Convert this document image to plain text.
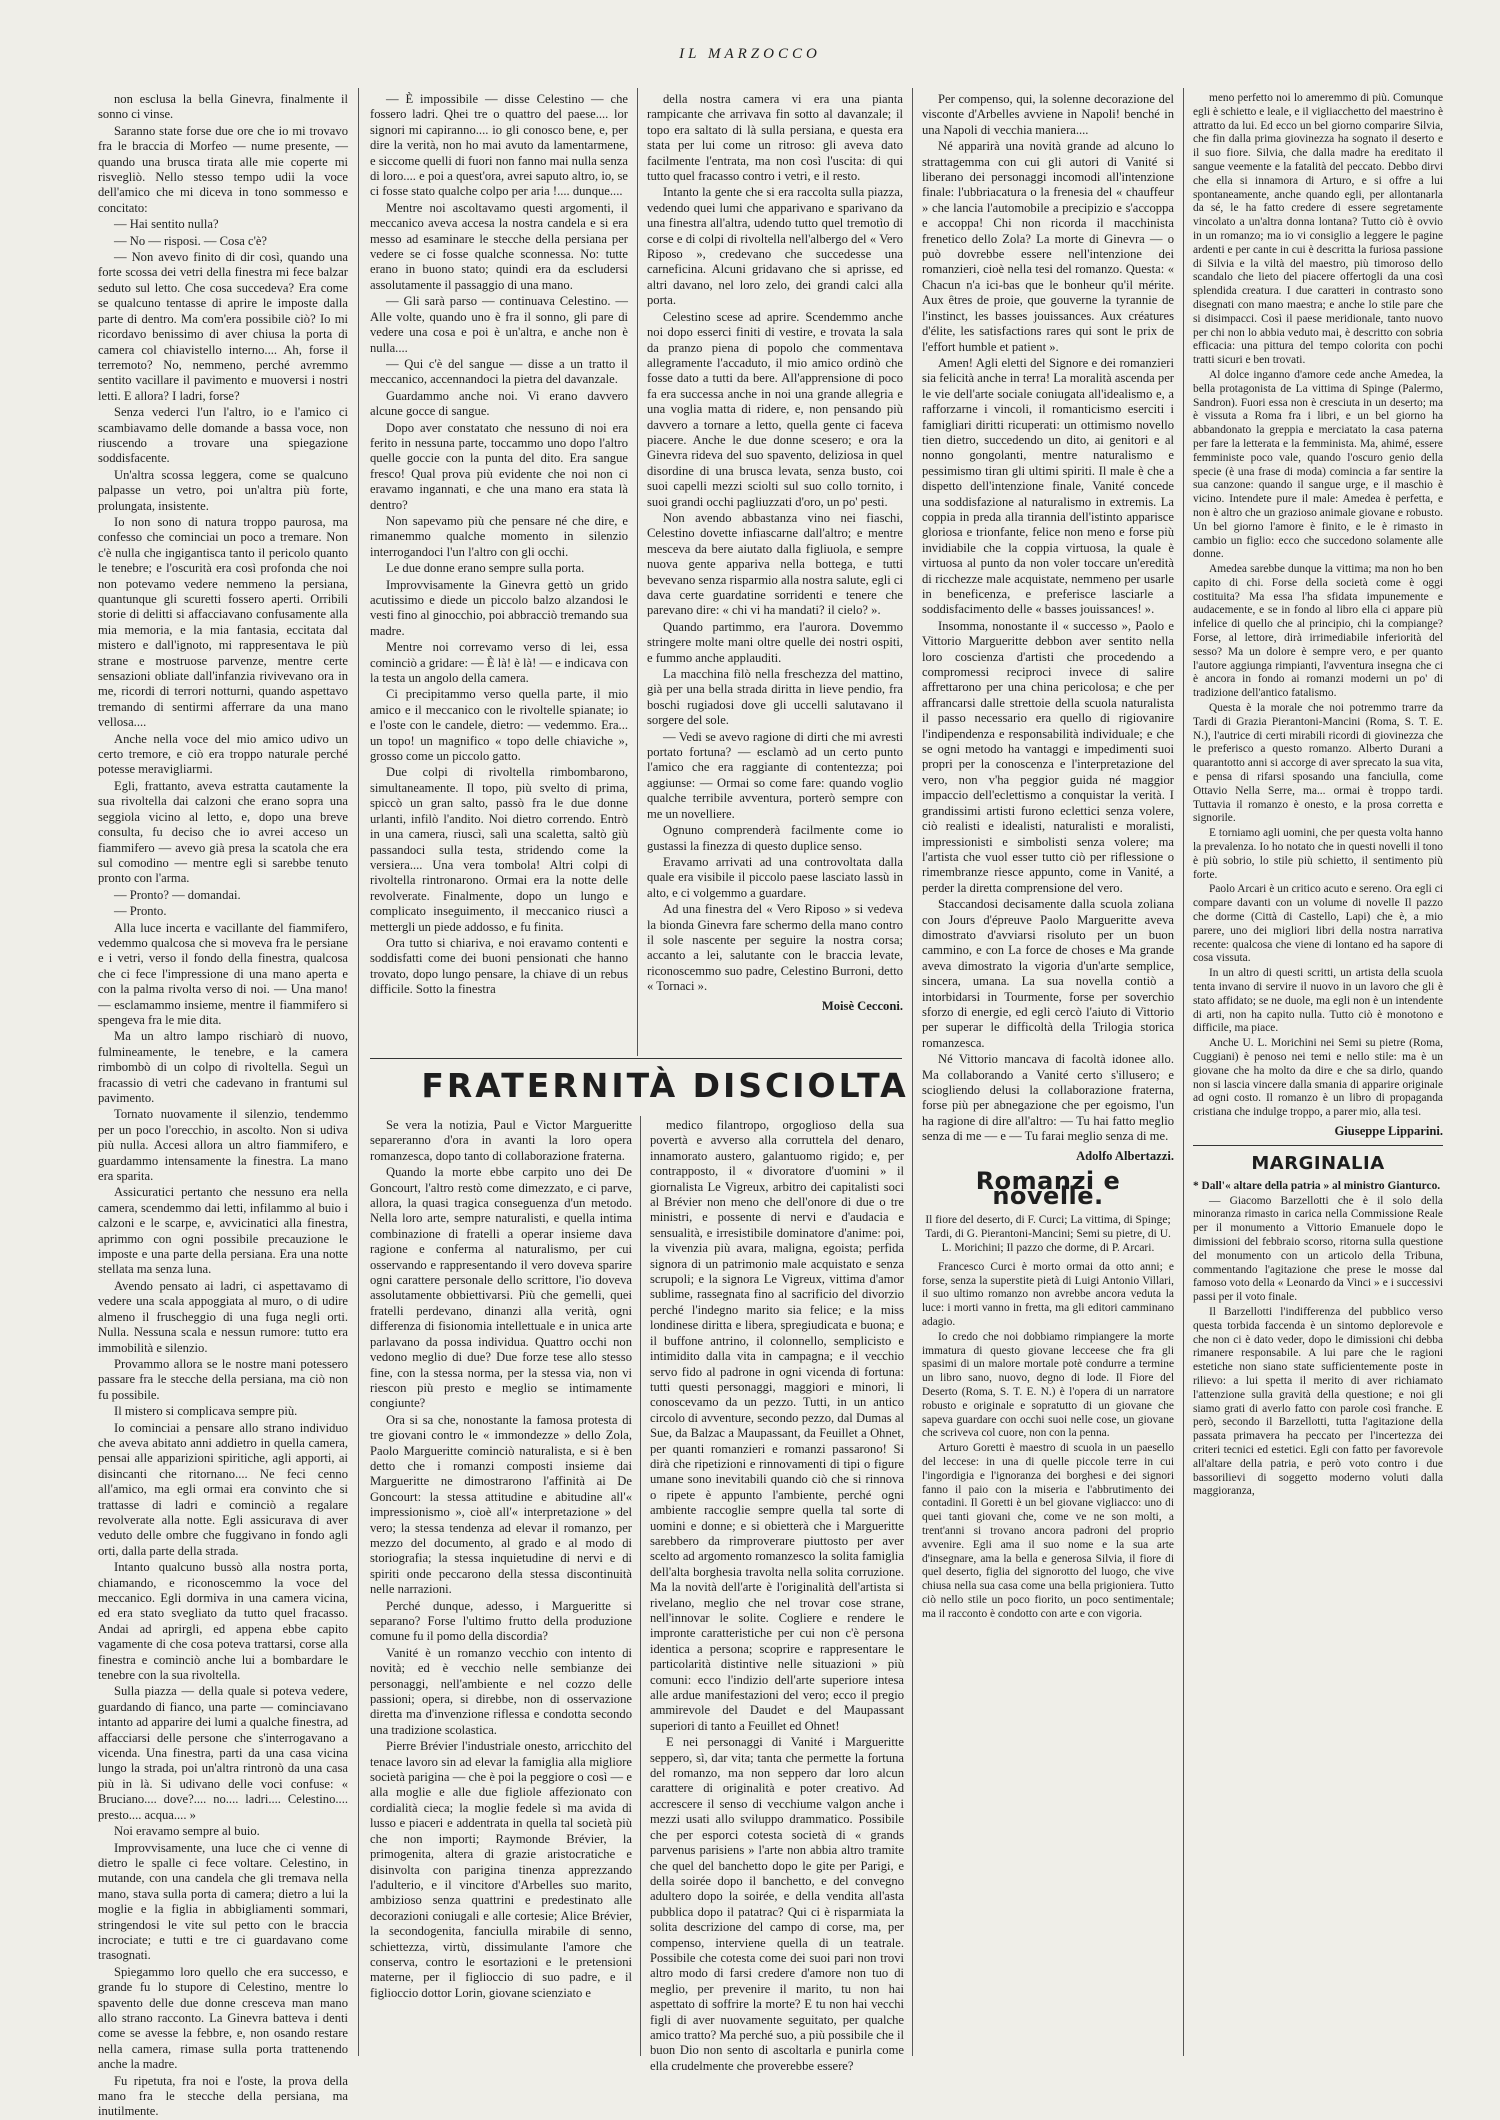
IL MARZOCCO

non esclusa la bella Ginevra, finalmente il sonno ci vinse.

Saranno state forse due ore che io mi trovavo fra le braccia di Morfeo — nume presente, — quando una brusca tirata alle mie coperte mi risvegliò. Nello stesso tempo udii la voce dell'amico che mi diceva in tono sommesso e concitato:

— Hai sentito nulla?

— No — risposi. — Cosa c'è?

— Non avevo finito di dir così, quando una forte scossa dei vetri della finestra mi fece balzar seduto sul letto. Che cosa succedeva? Era come se qualcuno tentasse di aprire le imposte dalla parte di dentro. Ma com'era possibile ciò? Io mi ricordavo benissimo di aver chiusa la porta di camera col chiavistello interno.... Ah, forse il terremoto? No, nemmeno, perché avremmo sentito vacillare il pavimento e muoversi i nostri letti. E allora? I ladri, forse?

Senza vederci l'un l'altro, io e l'amico ci scambiavamo delle domande a bassa voce, non riuscendo a trovare una spiegazione soddisfacente.

Un'altra scossa leggera, come se qualcuno palpasse un vetro, poi un'altra più forte, prolungata, insistente.

Io non sono di natura troppo paurosa, ma confesso che cominciai un poco a tremare. Non c'è nulla che ingigantisca tanto il pericolo quanto le tenebre; e l'oscurità era così profonda che noi non potevamo vedere nemmeno la persiana, quantunque gli scuretti fossero aperti. Orribili storie di delitti si affacciavano confusamente alla mia memoria, e la mia fantasia, eccitata dal mistero e dall'ignoto, mi rappresentava le più strane e mostruose parvenze, mentre certe sensazioni obliate dall'infanzia rivivevano ora in me, ricordi di terrori notturni, quando aspettavo tremando di sentirmi afferrare da una mano vellosa....

Anche nella voce del mio amico udivo un certo tremore, e ciò era troppo naturale perché potesse meravigliarmi.

Egli, frattanto, aveva estratta cautamente la sua rivoltella dai calzoni che erano sopra una seggiola vicino al letto, e, dopo una breve consulta, fu deciso che io avrei acceso un fiammifero — avevo già presa la scatola che era sul comodino — mentre egli si sarebbe tenuto pronto con l'arma.

— Pronto? — domandai.

— Pronto.

Alla luce incerta e vacillante del fiammifero, vedemmo qualcosa che si moveva fra le persiane e i vetri, verso il fondo della finestra, qualcosa che ci fece l'impressione di una mano aperta e con la palma rivolta verso di noi. — Una mano! — esclamammo insieme, mentre il fiammifero si spengeva fra le mie dita.

Ma un altro lampo rischiarò di nuovo, fulmineamente, le tenebre, e la camera rimbombò di un colpo di rivoltella. Seguì un fracassio di vetri che cadevano in frantumi sul pavimento.

Tornato nuovamente il silenzio, tendemmo per un poco l'orecchio, in ascolto. Non si udiva più nulla. Accesi allora un altro fiammifero, e guardammo intensamente la finestra. La mano era sparita.

Assicuratici pertanto che nessuno era nella camera, scendemmo dai letti, infilammo al buio i calzoni e le scarpe, e, avvicinatici alla finestra, aprimmo con ogni possibile precauzione le imposte e una parte della persiana. Era una notte stellata ma senza luna.

Avendo pensato ai ladri, ci aspettavamo di vedere una scala appoggiata al muro, o di udire almeno il fruscheggio di una fuga negli orti. Nulla. Nessuna scala e nessun rumore: tutto era immobilità e silenzio.

Provammo allora se le nostre mani potessero passare fra le stecche della persiana, ma ciò non fu possibile.

Il mistero si complicava sempre più.

Io cominciai a pensare allo strano individuo che aveva abitato anni addietro in quella camera, pensai alle apparizioni spiritiche, agli apporti, ai disincanti che ritornano.... Ne feci cenno all'amico, ma egli ormai era convinto che si trattasse di ladri e cominciò a regalare revolverate alla notte. Egli assicurava di aver veduto delle ombre che fuggivano in fondo agli orti, dalla parte della strada.

Intanto qualcuno bussò alla nostra porta, chiamando, e riconoscemmo la voce del meccanico. Egli dormiva in una camera vicina, ed era stato svegliato da tutto quel fracasso. Andai ad aprirgli, ed appena ebbe capito vagamente di che cosa poteva trattarsi, corse alla finestra e cominciò anche lui a bombardare le tenebre con la sua rivoltella.

Sulla piazza — della quale si poteva vedere, guardando di fianco, una parte — cominciavano intanto ad apparire dei lumi a qualche finestra, ad affacciarsi delle persone che s'interrogavano a vicenda. Una finestra, parti da una casa vicina lungo la strada, poi un'altra rintronò da una casa più in là. Si udivano delle voci confuse: « Bruciano.... dove?.... no.... ladri.... Celestino.... presto.... acqua.... »

Noi eravamo sempre al buio.

Improvvisamente, una luce che ci venne di dietro le spalle ci fece voltare. Celestino, in mutande, con una candela che gli tremava nella mano, stava sulla porta di camera; dietro a lui la moglie e la figlia in abbigliamenti sommari, stringendosi le vite sul petto con le braccia incrociate; e tutti e tre ci guardavano come trasognati.

Spiegammo loro quello che era successo, e grande fu lo stupore di Celestino, mentre lo spavento delle due donne cresceva man mano allo strano racconto. La Ginevra batteva i denti come se avesse la febbre, e, non osando restare nella camera, rimase sulla porta trattenendo anche la madre.

Fu ripetuta, fra noi e l'oste, la prova della mano fra le stecche della persiana, ma inutilmente.

— È impossibile — disse Celestino — che fossero ladri. Qhei tre o quattro del paese.... lor signori mi capiranno.... io gli conosco bene, e, per dire la verità, non ho mai avuto da lamentarmene, e siccome quelli di fuori non fanno mai nulla senza di loro.... e poi a quest'ora, avrei saputo altro, io, se ci fosse stato qualche colpo per aria !.... dunque....

Mentre noi ascoltavamo questi argomenti, il meccanico aveva accesa la nostra candela e si era messo ad esaminare le stecche della persiana per vedere se ci fosse qualche sconnessa. No: tutte erano in buono stato; quindi era da escludersi assolutamente il passaggio di una mano.

— Gli sarà parso — continuava Celestino. — Alle volte, quando uno è fra il sonno, gli pare di vedere una cosa e poi è un'altra, e anche non è nulla....

— Qui c'è del sangue — disse a un tratto il meccanico, accennandoci la pietra del davanzale.

Guardammo anche noi. Vi erano davvero alcune gocce di sangue.

Dopo aver constatato che nessuno di noi era ferito in nessuna parte, toccammo uno dopo l'altro quelle goccie con la punta del dito. Era sangue fresco! Qual prova più evidente che noi non ci eravamo ingannati, e che una mano era stata là dentro?

Non sapevamo più che pensare né che dire, e rimanemmo qualche momento in silenzio interrogandoci l'un l'altro con gli occhi.

Le due donne erano sempre sulla porta.

Improvvisamente la Ginevra gettò un grido acutissimo e diede un piccolo balzo alzandosi le vesti fino al ginocchio, poi abbracciò tremando sua madre.

Mentre noi correvamo verso di lei, essa cominciò a gridare: — È là! è là! — e indicava con la testa un angolo della camera.

Ci precipitammo verso quella parte, il mio amico e il meccanico con le rivoltelle spianate; io e l'oste con le candele, dietro: — vedemmo. Era... un topo! un magnifico « topo delle chiaviche », grosso come un piccolo gatto.

Due colpi di rivoltella rimbombarono, simultaneamente. Il topo, più svelto di prima, spiccò un gran salto, passò fra le due donne urlanti, infilò l'andito. Noi dietro correndo. Entrò in una camera, riuscì, salì una scaletta, saltò giù passandoci sulla testa, stridendo come la versiera.... Una vera tombola! Altri colpi di rivoltella rintronarono. Ormai era la notte delle revolverate. Finalmente, dopo un lungo e complicato inseguimento, il meccanico riuscì a mettergli un piede addosso, e fu finita.

Ora tutto si chiariva, e noi eravamo contenti e soddisfatti come dei buoni pensionati che hanno trovato, dopo lungo pensare, la chiave di un rebus difficile. Sotto la finestra

della nostra camera vi era una pianta rampicante che arrivava fin sotto al davanzale; il topo era saltato di là sulla persiana, e questa era stata per lui come un ritroso: gli aveva dato facilmente l'entrata, ma non così l'uscita: di qui tutto quel fracasso contro i vetri, e il resto.

Intanto la gente che si era raccolta sulla piazza, vedendo quei lumi che apparivano e sparivano da una finestra all'altra, udendo tutto quel tremotìo di corse e di colpi di rivoltella nell'albergo del « Vero Riposo », credevano che succedesse una carneficina. Alcuni gridavano che si aprisse, ed altri davano, nel loro zelo, dei grandi calci alla porta.

Celestino scese ad aprire. Scendemmo anche noi dopo esserci finiti di vestire, e trovata la sala da pranzo piena di popolo che commentava allegramente l'accaduto, il mio amico ordinò che fosse dato a tutti da bere. All'apprensione di poco fa era successa anche in noi una grande allegria e una voglia matta di ridere, e, non pensando più davvero a tornare a letto, quella gente ci faceva piacere. Anche le due donne scesero; e ora la Ginevra rideva del suo spavento, deliziosa in quel disordine di una brusca levata, senza busto, coi suoi capelli mezzi sciolti sul suo collo tornito, i suoi grandi occhi pagliuzzati d'oro, un po' pesti.

Non avendo abbastanza vino nei fiaschi, Celestino dovette infiascarne dall'altro; e mentre mesceva da bere aiutato dalla figliuola, e sempre nuova gente appariva nella bottega, e tutti bevevano senza risparmio alla nostra salute, egli ci dava certe guardatine sorridenti e tenere che parevano dire: « chi vi ha mandati? il cielo? ».

Quando partimmo, era l'aurora. Dovemmo stringere molte mani oltre quelle dei nostri ospiti, e fummo anche applauditi.

La macchina filò nella freschezza del mattino, già per una bella strada diritta in lieve pendio, fra boschi rugiadosi dove gli uccelli salutavano il sorgere del sole.

— Vedi se avevo ragione di dirti che mi avresti portato fortuna? — esclamò ad un certo punto l'amico che era raggiante di contentezza; poi aggiunse: — Ormai so come fare: quando voglio qualche terribile avventura, porterò sempre con me un novelliere.

Ognuno comprenderà facilmente come io gustassi la finezza di questo duplice senso.

Eravamo arrivati ad una controvoltata dalla quale era visibile il piccolo paese lasciato lassù in alto, e ci volgemmo a guardare.

Ad una finestra del « Vero Riposo » si vedeva la bionda Ginevra fare schermo della mano contro il sole nascente per seguire la nostra corsa; accanto a lei, salutante con le braccia levate, riconoscemmo suo padre, Celestino Burroni, detto « Tornaci ».

Moisè Cecconi.
FRATERNITÀ DISCIOLTA

Se vera la notizia, Paul e Victor Margueritte separeranno d'ora in avanti la loro opera romanzesca, dopo tanto di collaborazione fraterna.

Quando la morte ebbe carpito uno dei De Goncourt, l'altro restò come dimezzato, e ci parve, allora, la quasi tragica conseguenza d'un metodo. Nella loro arte, sempre naturalisti, e quella intima combinazione di fratelli a operar insieme dava ragione e conferma al naturalismo, per cui osservando e rappresentando il vero doveva sparire ogni carattere personale dello scrittore, l'io doveva assolutamente obbiettivarsi. Più che gemelli, quei fratelli perdevano, dinanzi alla verità, ogni differenza di fisionomia intellettuale e in unica arte parlavano da possa individua. Quattro occhi non vedono meglio di due? Due forze tese allo stesso fine, con la stessa norma, per la stessa via, non vi riescon più presto e meglio se intimamente congiunte?

Ora si sa che, nonostante la famosa protesta di tre giovani contro le « immondezze » dello Zola, Paolo Margueritte cominciò naturalista, e si è ben detto che i romanzi composti insieme dai Margueritte ne dimostrarono l'affinità ai De Goncourt: la stessa attitudine e abitudine all'« impressionismo », cioè all'« interpretazione » del vero; la stessa tendenza ad elevar il romanzo, per mezzo del documento, al grado e al modo di storiografia; la stessa inquietudine di nervi e di spiriti onde peccarono della stessa discontinuità nelle narrazioni.

Perché dunque, adesso, i Margueritte si separano? Forse l'ultimo frutto della produzione comune fu il pomo della discordia?

Vanité è un romanzo vecchio con intento di novità; ed è vecchio nelle sembianze dei personaggi, nell'ambiente e nel cozzo delle passioni; opera, si direbbe, non di osservazione diretta ma d'invenzione riflessa e condotta secondo una tradizione scolastica.

Pierre Brévier l'industriale onesto, arricchito del tenace lavoro sin ad elevar la famiglia alla migliore società parigina — che è poi la peggiore o così — e alla moglie e alle due figliole affezionato con cordialità cieca; la moglie fedele sì ma avida di lusso e piaceri e addentrata in quella tal società più che non importi; Raymonde Brévier, la primogenita, altera di grazie aristocratiche e disinvolta con parigina tinenza apprezzando l'adulterio, e il vincitore d'Arbelles suo marito, ambizioso senza quattrini e predestinato alle decorazioni coniugali e alle cortesie; Alice Brévier, la secondogenita, fanciulla mirabile di senno, schiettezza, virtù, dissimulante l'amore che conserva, contro le esortazioni e le pretensioni materne, per il figlioccio di suo padre, e il figlioccio dottor Lorin, giovane scienziato e

medico filantropo, orgoglioso della sua povertà e avverso alla corruttela del denaro, innamorato austero, galantuomo rigido; e, per contrapposto, il « divoratore d'uomini » il giornalista Le Vigreux, arbitro dei capitalisti soci al Brévier non meno che dell'onore di due o tre ministri, e possente di nervi e d'audacia e sensualità, e irresistibile dominatore d'anime: poi, la vivenzia più avara, maligna, egoista; perfida signora di un patrimonio male acquistato e senza scrupoli; e la signora Le Vigreux, vittima d'amor sublime, rassegnata fino al sacrificio del divorzio perché l'indegno marito sia felice; e la miss londinese diritta e libera, spregiudicata e buona; e il buffone antrino, il colonnello, semplicisto e intimidito dalla vita in campagna; e il vecchio servo fido al padrone in ogni vicenda di fortuna: tutti questi personaggi, maggiori e minori, li conoscevamo da un pezzo. Tutti, in un antico circolo di avventure, secondo pezzo, dal Dumas al Sue, da Balzac a Maupassant, da Feuillet a Ohnet, per quanti romanzieri e romanzi passarono! Si dirà che ripetizioni e rinnovamenti di tipi o figure umane sono inevitabili quando ciò che si rinnova o ripete è appunto l'ambiente, perché ogni ambiente raccoglie sempre quella tal sorte di uomini e donne; e si obietterà che i Margueritte sarebbero da rimproverare piuttosto per aver scelto ad argomento romanzesco la solita famiglia dell'alta borghesia travolta nella solita corruzione. Ma la novità dell'arte è l'originalità dell'artista si rivelano, meglio che nel trovar cose strane, nell'innovar le solite. Cogliere e rendere le impronte caratteristiche per cui non c'è persona identica a persona; scoprire e rappresentare le particolarità distintive nelle situazioni » più comuni: ecco l'indizio dell'arte superiore intesa alle ardue manifestazioni del vero; ecco il pregio ammirevole del Daudet e del Maupassant superiori di tanto a Feuillet ed Ohnet!

E nei personaggi di Vanité i Margueritte seppero, sì, dar vita; tanta che permette la fortuna del romanzo, ma non seppero dar loro alcun carattere di originalità e poter creativo. Ad accrescere il senso di vecchiume valgon anche i mezzi usati allo sviluppo drammatico. Possibile che per esporci cotesta società di « grands parvenus parisiens » l'arte non abbia altro tramite che quel del banchetto dopo le gite per Parigi, e della soirée dopo il banchetto, e del convegno adultero dopo la soirée, e della vendita all'asta pubblica dopo il patatrac? Qui ci è risparmiata la solita descrizione del campo di corse, ma, per compenso, interviene quella di un teatrale. Possibile che cotesta come dei suoi pari non trovi altro modo di farsi credere d'amore non tuo di meglio, per prevenire il marito, tu non hai aspettato di soffrire la morte? E tu non hai vecchi figli di aver nuovamente seguitato, per qualche amico tratto? Ma perché suo, a più possibile che il buon Dio non sento di ascoltarla e punirla come ella crudelmente che proverebbe essere?

Per compenso, qui, la solenne decorazione del visconte d'Arbelles avviene in Napoli! benché in una Napoli di vecchia maniera....

Né apparirà una novità grande ad alcuno lo strattagemma con cui gli autori di Vanité si liberano dei personaggi incomodi all'intenzione finale: l'ubbriacatura o la frenesia del « chauffeur » che lancia l'automobile a precipizio e s'accoppa e accoppa! Chi non ricorda il macchinista frenetico dello Zola? La morte di Ginevra — o può dovrebbe essere nell'intenzione dei romanzieri, cioè nella tesi del romanzo. Questa: « Chacun n'a ici-bas que le bonheur qu'il mérite. Aux êtres de proie, que gouverne la tyrannie de l'instinct, les basses jouissances. Aux créatures d'élite, les satisfactions rares qui sont le prix de l'effort humble et patient ».

Amen! Agli eletti del Signore e dei romanzieri sia felicità anche in terra! La moralità ascenda per le vie dell'arte sociale coniugata all'idealismo e, a rafforzarne i vincoli, il romanticismo eserciti i famigliari diritti ricuperati: un ottimismo novello tien dietro, succedendo un dito, ai genitori e al nonno gongolanti, mentre naturalismo e pessimismo tiran gli ultimi spiriti. Il male è che a dispetto dell'intenzione finale, Vanité concede una soddisfazione al naturalismo in extremis. La coppia in preda alla tirannia dell'istinto apparisce gloriosa e trionfante, felice non meno e forse più invidiabile che la coppia virtuosa, la quale è virtuosa al punto da non voler toccare un'eredità di ricchezze male acquistate, nemmeno per usarle in beneficenza, e preferisce lasciarle a soddisfacimento delle « basses jouissances! ».

Insomma, nonostante il « successo », Paolo e Vittorio Margueritte debbon aver sentito nella loro coscienza d'artisti che procedendo a compromessi reciproci invece di salire affrettarono per una china pericolosa; e che per affrancarsi dalle strettoie della scuola naturalista il passo necessario era quello di rigiovanire l'indipendenza e responsabilità individuale; e che se ogni metodo ha vantaggi e impedimenti suoi propri per la conoscenza e l'interpretazione del vero, non v'ha peggior guida né maggior impaccio dell'eclettismo a conquistar la verità. I grandissimi artisti furono eclettici senza volere, ciò realisti e idealisti, naturalisti e moralisti, impressionisti e simbolisti senza volere; ma l'artista che vuol esser tutto ciò per riflessione o rimembranze riesce appunto, come in Vanité, a perder la diretta comprensione del vero.

Staccandosi decisamente dalla scuola zoliana con Jours d'épreuve Paolo Margueritte aveva dimostrato d'avviarsi risoluto per un buon cammino, e con La force de choses e Ma grande aveva dimostrato la vigoria d'un'arte semplice, sincera, umana. La sua novella contiò a intorbidarsi in Tourmente, forse per soverchio sforzo di energie, ed egli cercò l'aiuto di Vittorio per superar le difficoltà della Trilogia storica romanzesca.

Né Vittorio mancava di facoltà idonee allo. Ma collaborando a Vanité certo s'illusero; e sciogliendo delusi la collaborazione fraterna, forse più per abnegazione che per egoismo, l'un ha ragione di dire all'altro: — Tu hai fatto meglio senza di me — e — Tu farai meglio senza di me.

Adolfo Albertazzi.
Romanzi e novelle.
Il fiore del deserto, di F. Curci; La vittima, di Spinge; Tardi, di G. Pierantoni-Mancini; Semi su pietre, di U. L. Morichini; Il pazzo che dorme, di P. Arcari.

Francesco Curci è morto ormai da otto anni; e forse, senza la superstite pietà di Luigi Antonio Villari, il suo ultimo romanzo non avrebbe ancora veduta la luce: i morti vanno in fretta, ma gli editori camminano adagio.

Io credo che noi dobbiamo rimpiangere la morte immatura di questo giovane lecceese che fra gli spasimi di un malore mortale potè condurre a termine un libro sano, nuovo, degno di lode. Il Fiore del Deserto (Roma, S. T. E. N.) è l'opera di un narratore robusto e originale e sopratutto di un giovane che sapeva guardare con occhi suoi nelle cose, un giovane che scriveva col cuore, non con la penna.

Arturo Goretti è maestro di scuola in un paesello del leccese: in una di quelle piccole terre in cui l'ingordigia e l'ignoranza dei borghesi e dei signori fanno il paio con la miseria e l'abbrutimento dei contadini. Il Goretti è un bel giovane vigliacco: uno di quei tanti giovani che, come ve ne son molti, a trent'anni si trovano ancora padroni del proprio avvenire. Egli ama il suo nome e la sua arte d'insegnare, ama la bella e generosa Silvia, il fiore di quel deserto, figlia del signorotto del luogo, che vive chiusa nella sua casa come una bella prigioniera. Tutto ciò nello stile un poco fiorito, un poco sentimentale; ma il racconto è condotto con arte e con vigoria.

meno perfetto noi lo ameremmo di più. Comunque egli è schietto e leale, e il vigliacchetto del maestrino è attratto da lui. Ed ecco un bel giorno comparire Silvia, che fin dalla prima giovinezza ha sognato il deserto e il suo fiore. Silvia, che dalla madre ha ereditato il sangue veemente e la fatalità del peccato. Debbo dirvi che ella si innamora di Arturo, e si offre a lui spontaneamente, anche quando egli, per allontanarla da sé, le ha fatto credere di essere segretamente vincolato a un'altra donna lontana? Tutto ciò è ovvio in un romanzo; ma io vi consiglio a leggere le pagine ardenti e per cante in cui è descritta la furiosa passione di Silvia e la viltà del maestro, più timoroso dello scandalo che lieto del piacere offertogli da una così splendida creatura. I due caratteri in contrasto sono disegnati con mano maestra; e anche lo stile pare che si disimpacci. Così il paese meridionale, tanto nuovo per chi non lo abbia veduto mai, è descritto con sobria efficacia: una pittura del tempo colorita con pochi tratti sicuri e ben trovati.

Al dolce inganno d'amore cede anche Amedea, la bella protagonista de La vittima di Spinge (Palermo, Sandron). Fuori essa non è cresciuta in un deserto; ma è vissuta a Roma fra i libri, e un bel giorno ha abbandonato la greppia e merciatato la casa paterna per fare la letterata e la femminista. Ma, ahimé, essere femministe poco vale, quando l'oscuro genio della specie (è una frase di moda) comincia a far sentire la sua canzone: quando il sangue urge, e il maschio è vicino. Intendete pure il male: Amedea è perfetta, e non è altro che un grazioso animale giovane e robusto. Un bel giorno l'amore è finito, e le è rimasto in cambio un figlio: ecco che succedono solamente alle donne.

Amedea sarebbe dunque la vittima; ma non ho ben capito di chi. Forse della società come è oggi costituita? Ma essa l'ha sfidata impunemente e audacemente, e se in fondo al libro ella ci appare più infelice di quello che al principio, chi la compiange? Forse, al lettore, dirà irrimediabile inferiorità del sesso? Ma un dolore è sempre vero, e per quanto l'autore aggiunga rimpianti, l'avventura insegna che ci è ancora in fondo ai romanzi moderni un po' di tradizione dell'antico fatalismo.

Questa è la morale che noi potremmo trarre da Tardi di Grazia Pierantoni-Mancini (Roma, S. T. E. N.), l'autrice di certi mirabili ricordi di giovinezza che le preferisco a questo romanzo. Alberto Durani a quarantotto anni si accorge di aver sprecato la sua vita, e pensa di rifarsi sposando una fanciulla, come Ottavio Nella Serre, ma... ormai è troppo tardi. Tuttavia il romanzo è onesto, e la prosa corretta e signorile.

E torniamo agli uomini, che per questa volta hanno la prevalenza. Io ho notato che in questi novelli il tono è più sobrio, lo stile più schietto, il sentimento più forte.

Paolo Arcari è un critico acuto e sereno. Ora egli ci compare davanti con un volume di novelle Il pazzo che dorme (Città di Castello, Lapi) che è, a mio parere, uno dei migliori libri della nostra narrativa recente: qualcosa che viene di lontano ed ha sapore di cosa vissuta.

In un altro di questi scritti, un artista della scuola tenta invano di servire il nuovo in un lavoro che gli è stato affidato; se ne duole, ma egli non è un intendente di arti, non ha capito nulla. Tutto ciò è monotono e difficile, ma piace.

Anche U. L. Morichini nei Semi su pietre (Roma, Cuggiani) è penoso nei temi e nello stile: ma è un giovane che ha molto da dire e che sa dirlo, quando non si lascia vincere dalla smania di apparire originale ad ogni costo. Il romanzo è un libro di propaganda cristiana che indulge troppo, a parer mio, alla tesi.

Giuseppe Lipparini.
MARGINALIA

* Dall'« altare della patria » al ministro Gianturco.

— Giacomo Barzellotti che è il solo della minoranza rimasto in carica nella Commissione Reale per il monumento a Vittorio Emanuele dopo le dimissioni del febbraio scorso, ritorna sulla questione del monumento con un articolo della Tribuna, commentando l'agitazione che prese le mosse dal famoso voto della « Leonardo da Vinci » e i successivi passi per il voto finale.

Il Barzellotti l'indifferenza del pubblico verso questa torbida faccenda è un sintomo deplorevole e che non ci è dato veder, dopo le dimissioni chi debba rimanere responsabile. A lui pare che le ragioni estetiche non siano state sufficientemente poste in rilievo: a lui spetta il merito di aver richiamato l'attenzione sulla gravità della questione; e noi gli siamo grati di averlo fatto con parole così franche. E però, secondo il Barzellotti, tutta l'agitazione della passata primavera ha peccato per l'incertezza dei criteri tecnici ed estetici. Egli con fatto per favorevole all'altare della patria, e però voto contro i due bassorilievi di soggetto moderno voluti dalla maggioranza,
